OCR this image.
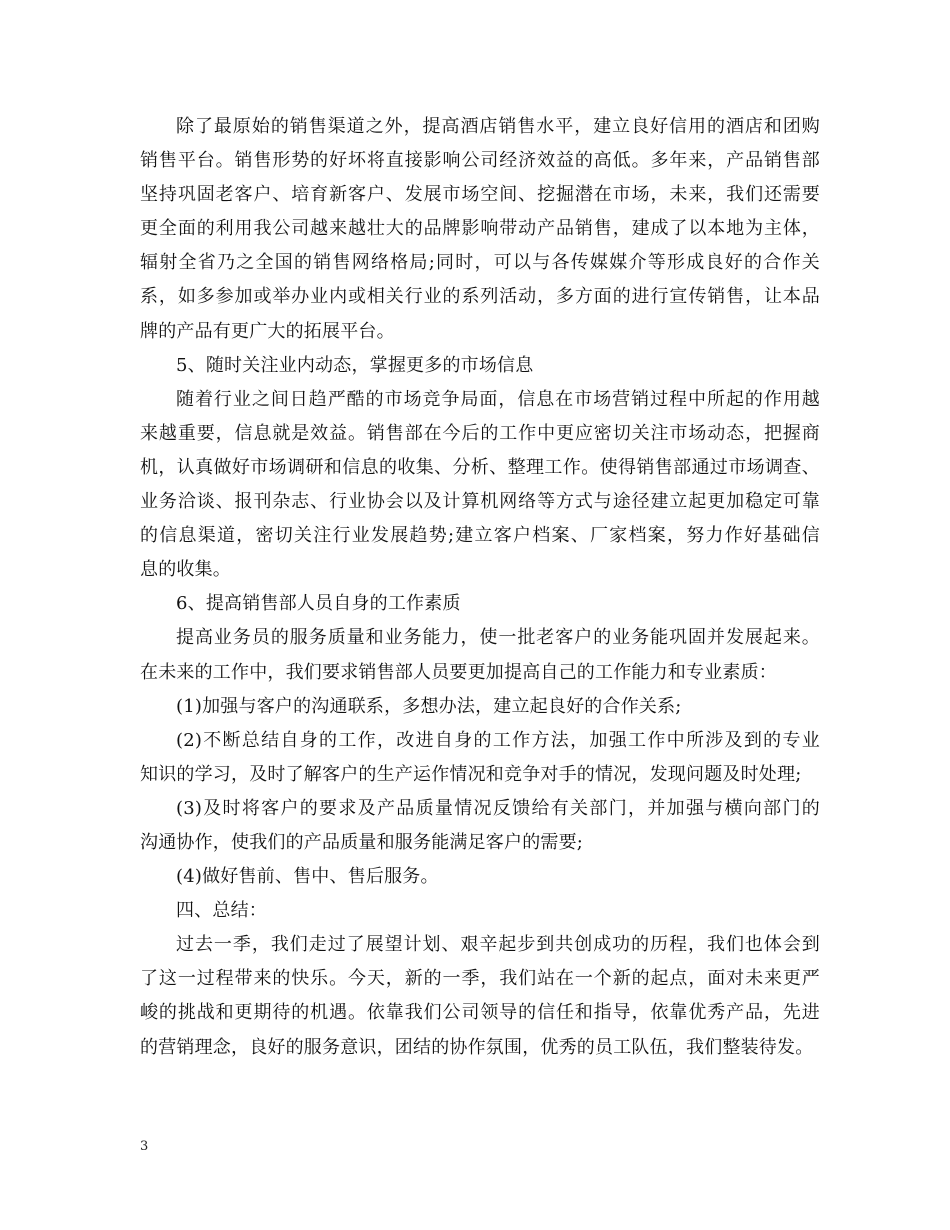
除了最原始的销售渠道之外，提高酒店销售水平，建立良好信用的酒店和团购
销售平台。销售形势的好坏将直接影响公司经济效益的高低。多年来，产品销售部
坚持巩固老客户、培育新客户、发展市场空间、挖掘潜在市场，未来，我们还需要
更全面的利用我公司越来越壮大的品牌影响带动产品销售，建成了以本地为主体，
辐射全省乃之全国的销售网络格局;同时，可以与各传媒媒介等形成良好的合作关
系，如多参加或举办业内或相关行业的系列活动，多方面的进行宣传销售，让本品
牌的产品有更广大的拓展平台。
5、随时关注业内动态，掌握更多的市场信息
随着行业之间日趋严酷的市场竞争局面，信息在市场营销过程中所起的作用越
来越重要，信息就是效益。销售部在今后的工作中更应密切关注市场动态，把握商
机，认真做好市场调研和信息的收集、分析、整理工作。使得销售部通过市场调查、
业务洽谈、报刊杂志、行业协会以及计算机网络等方式与途径建立起更加稳定可靠
的信息渠道，密切关注行业发展趋势;建立客户档案、厂家档案，努力作好基础信
息的收集。
6、提高销售部人员自身的工作素质
提高业务员的服务质量和业务能力，使一批老客户的业务能巩固并发展起来。
在未来的工作中，我们要求销售部人员要更加提高自己的工作能力和专业素质：
(1)加强与客户的沟通联系，多想办法，建立起良好的合作关系;
(2)不断总结自身的工作，改进自身的工作方法，加强工作中所涉及到的专业
知识的学习，及时了解客户的生产运作情况和竞争对手的情况，发现问题及时处理;
(3)及时将客户的要求及产品质量情况反馈给有关部门，并加强与横向部门的
沟通协作，使我们的产品质量和服务能满足客户的需要;
(4)做好售前、售中、售后服务。
四、总结：
过去一季，我们走过了展望计划、艰辛起步到共创成功的历程，我们也体会到
了这一过程带来的快乐。今天，新的一季，我们站在一个新的起点，面对未来更严
峻的挑战和更期待的机遇。依靠我们公司领导的信任和指导，依靠优秀产品，先进
的营销理念，良好的服务意识，团结的协作氛围，优秀的员工队伍，我们整装待发。
3
